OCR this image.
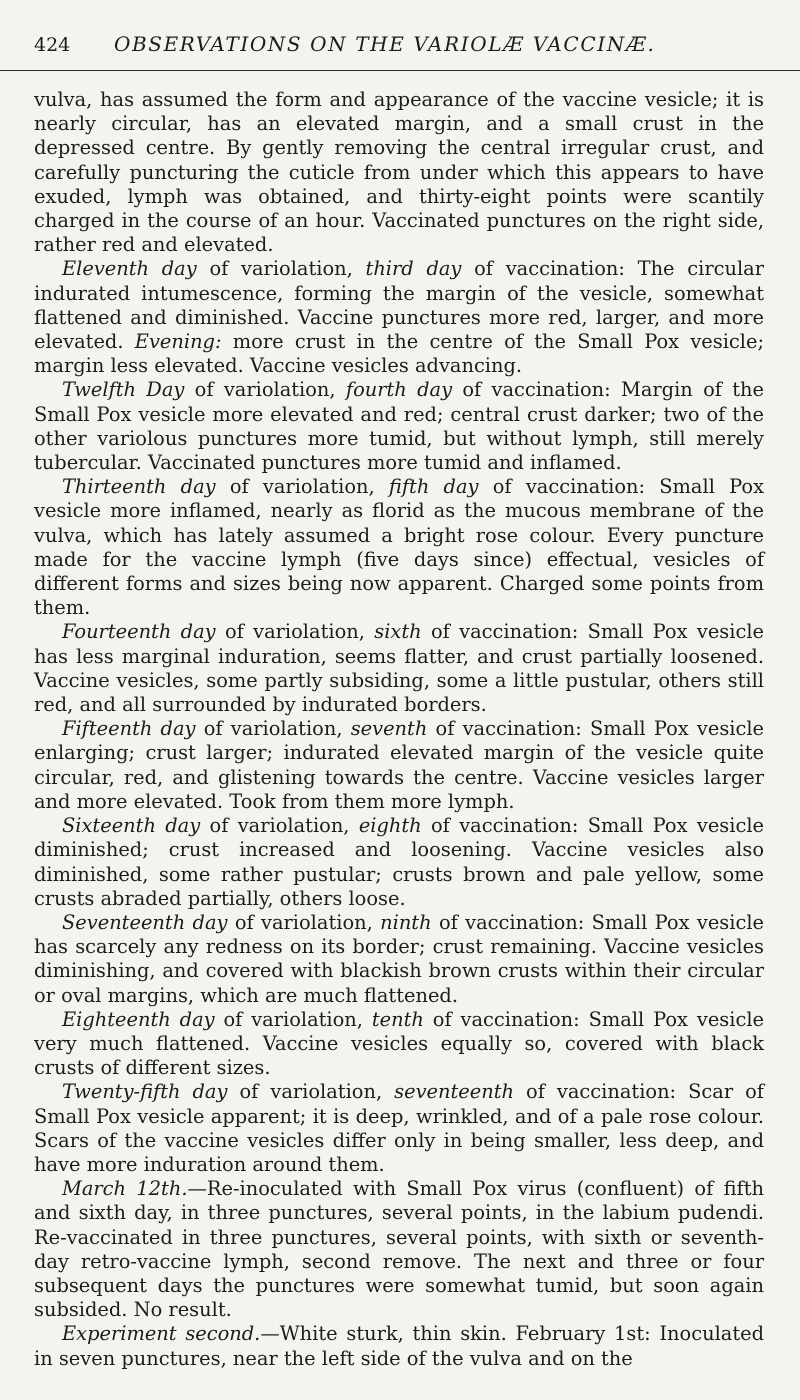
424 OBSERVATIONS ON THE VARIOLÆ VACCINÆ.

vulva, has assumed the form and appearance of the vaccine vesicle; it is nearly circular, has an elevated margin, and a small crust in the depressed centre. By gently removing the central irregular crust, and carefully puncturing the cuticle from under which this appears to have exuded, lymph was obtained, and thirty-eight points were scantily charged in the course of an hour. Vaccinated punctures on the right side, rather red and elevated.

Eleventh day of variolation, third day of vaccination: The circular indurated intumescence, forming the margin of the vesicle, somewhat flattened and diminished. Vaccine punctures more red, larger, and more elevated. Evening: more crust in the centre of the Small Pox vesicle; margin less elevated. Vaccine vesicles advancing.

Twelfth Day of variolation, fourth day of vaccination: Margin of the Small Pox vesicle more elevated and red; central crust darker; two of the other variolous punctures more tumid, but without lymph, still merely tubercular. Vaccinated punctures more tumid and inflamed.

Thirteenth day of variolation, fifth day of vaccination: Small Pox vesicle more inflamed, nearly as florid as the mucous membrane of the vulva, which has lately assumed a bright rose colour. Every puncture made for the vaccine lymph (five days since) effectual, vesicles of different forms and sizes being now apparent. Charged some points from them.

Fourteenth day of variolation, sixth of vaccination: Small Pox vesicle has less marginal induration, seems flatter, and crust partially loosened. Vaccine vesicles, some partly subsiding, some a little pustular, others still red, and all surrounded by indurated borders.

Fifteenth day of variolation, seventh of vaccination: Small Pox vesicle enlarging; crust larger; indurated elevated margin of the vesicle quite circular, red, and glistening towards the centre. Vaccine vesicles larger and more elevated. Took from them more lymph.

Sixteenth day of variolation, eighth of vaccination: Small Pox vesicle diminished; crust increased and loosening. Vaccine vesicles also diminished, some rather pustular; crusts brown and pale yellow, some crusts abraded partially, others loose.

Seventeenth day of variolation, ninth of vaccination: Small Pox vesicle has scarcely any redness on its border; crust remaining. Vaccine vesicles diminishing, and covered with blackish brown crusts within their circular or oval margins, which are much flattened.

Eighteenth day of variolation, tenth of vaccination: Small Pox vesicle very much flattened. Vaccine vesicles equally so, covered with black crusts of different sizes.

Twenty-fifth day of variolation, seventeenth of vaccination: Scar of Small Pox vesicle apparent; it is deep, wrinkled, and of a pale rose colour. Scars of the vaccine vesicles differ only in being smaller, less deep, and have more induration around them.

March 12th.—Re-inoculated with Small Pox virus (confluent) of fifth and sixth day, in three punctures, several points, in the labium pudendi. Re-vaccinated in three punctures, several points, with sixth or seventh-day retro-vaccine lymph, second remove. The next and three or four subsequent days the punctures were somewhat tumid, but soon again subsided. No result.

Experiment second.—White sturk, thin skin. February 1st: Inoculated in seven punctures, near the left side of the vulva and on the
